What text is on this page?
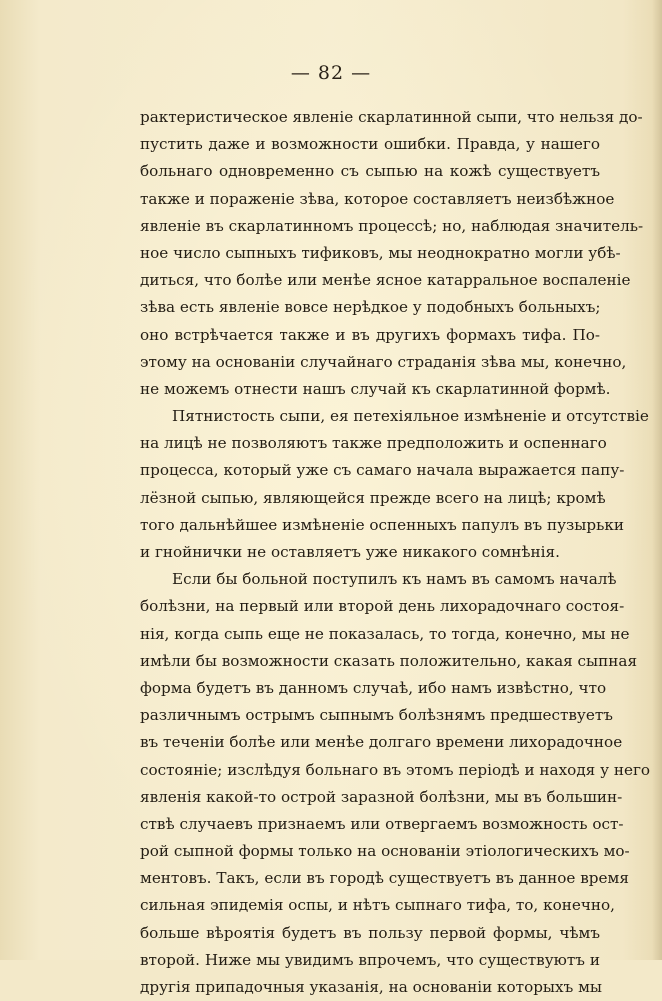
— 82 —
рактеристическое явленіе скарлатинной сыпи, что нельзя до-
пустить даже и возможности ошибки. Правда, у нашего
больнаго одновременно съ сыпью на кожѣ существуетъ
также и пораженіе зѣва, которое составляетъ неизбѣжное
явленіе въ скарлатинномъ процессѣ; но, наблюдая значитель-
ное число сыпныхъ тификовъ, мы неоднократно могли убѣ-
диться, что болѣе или менѣе ясное катарральное воспаленіе
зѣва есть явленіе вовсе нерѣдкое у подобныхъ больныхъ;
оно встрѣчается также и въ другихъ формахъ тифа. По-
этому на основаніи случайнаго страданія зѣва мы, конечно,
не можемъ отнести нашъ случай къ скарлатинной формѣ.
Пятнистость сыпи, ея петехіяльное измѣненіе и отсутствіе
на лицѣ не позволяютъ также предположить и оспеннаго
процесса, который уже съ самаго начала выражается папу-
лёзной сыпью, являющейся прежде всего на лицѣ; кромѣ
того дальнѣйшее измѣненіе оспенныхъ папулъ въ пузырьки
и гнойнички не оставляетъ уже никакого сомнѣнія.
Если бы больной поступилъ къ намъ въ самомъ началѣ
болѣзни, на первый или второй день лихорадочнаго состоя-
нія, когда сыпь еще не показалась, то тогда, конечно, мы не
имѣли бы возможности сказать положительно, какая сыпная
форма будетъ въ данномъ случаѣ, ибо намъ извѣстно, что
различнымъ острымъ сыпнымъ болѣзнямъ предшествуетъ
въ теченіи болѣе или менѣе долгаго времени лихорадочное
состояніе; изслѣдуя больнаго въ этомъ періодѣ и находя у него
явленія какой-то острой заразной болѣзни, мы въ большин-
ствѣ случаевъ признаемъ или отвергаемъ возможность ост-
рой сыпной формы только на основаніи этіологическихъ мо-
ментовъ. Такъ, если въ городѣ существуетъ въ данное время
сильная эпидемія оспы, и нѣтъ сыпнаго тифа, то, конечно,
больше вѣроятія будетъ въ пользу первой формы, чѣмъ
второй. Ниже мы увидимъ впрочемъ, что существуютъ и
другія припадочныя указанія, на основаніи которыхъ мы
